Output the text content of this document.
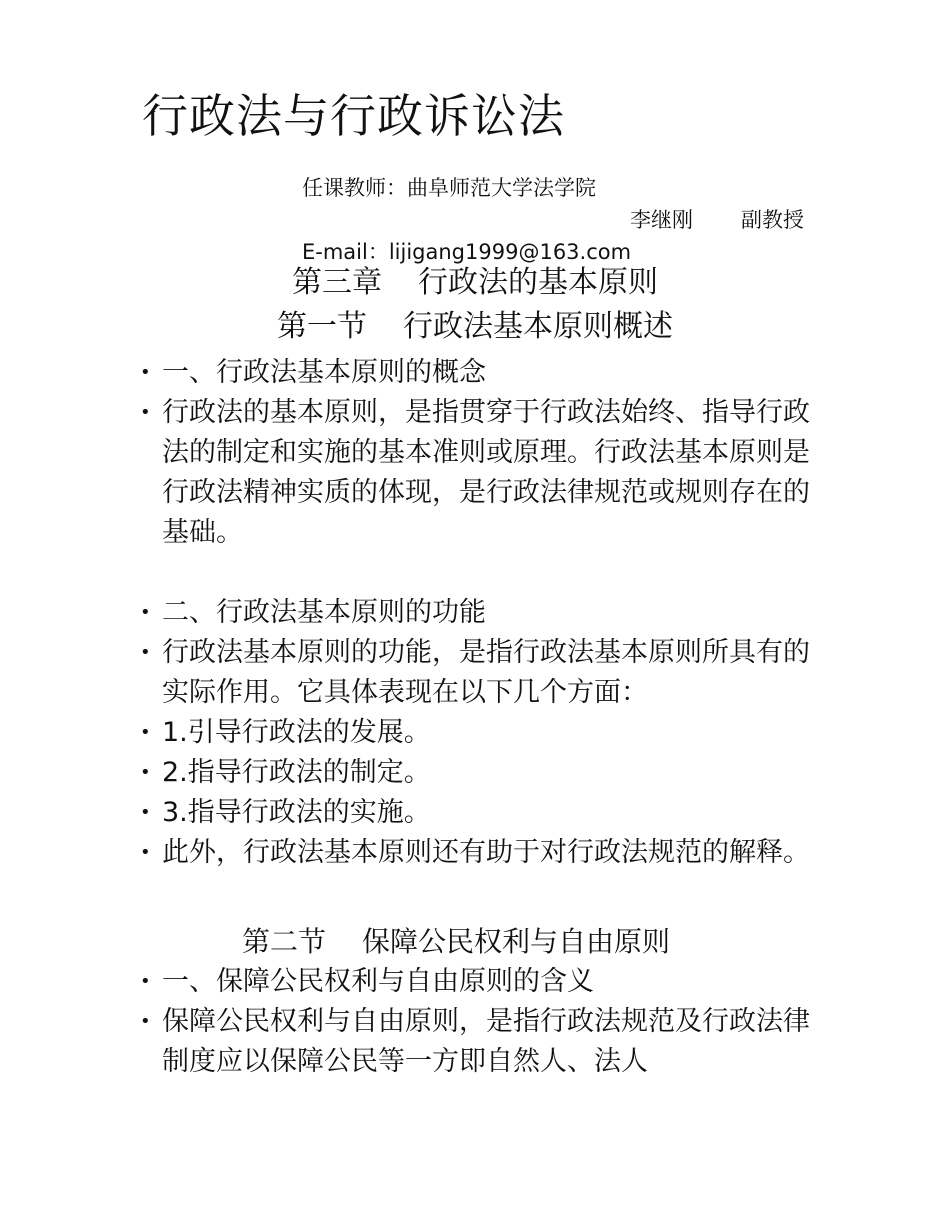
行政法与行政诉讼法
任课教师：曲阜师范大学法学院
李继刚 副教授
E-mail：lijigang1999@163.com
第三章 行政法的基本原则
第一节 行政法基本原则概述
• 一、行政法基本原则的概念
• 行政法的基本原则，是指贯穿于行政法始终、指导行政法的制定和实施的基本准则或原理。行政法基本原则是行政法精神实质的体现，是行政法律规范或规则存在的基础。
• 二、行政法基本原则的功能
• 行政法基本原则的功能，是指行政法基本原则所具有的实际作用。它具体表现在以下几个方面：
• 1.引导行政法的发展。
• 2.指导行政法的制定。
• 3.指导行政法的实施。
• 此外，行政法基本原则还有助于对行政法规范的解释。
第二节 保障公民权利与自由原则
• 一、保障公民权利与自由原则的含义
• 保障公民权利与自由原则，是指行政法规范及行政法律制度应以保障公民等一方即自然人、法人
